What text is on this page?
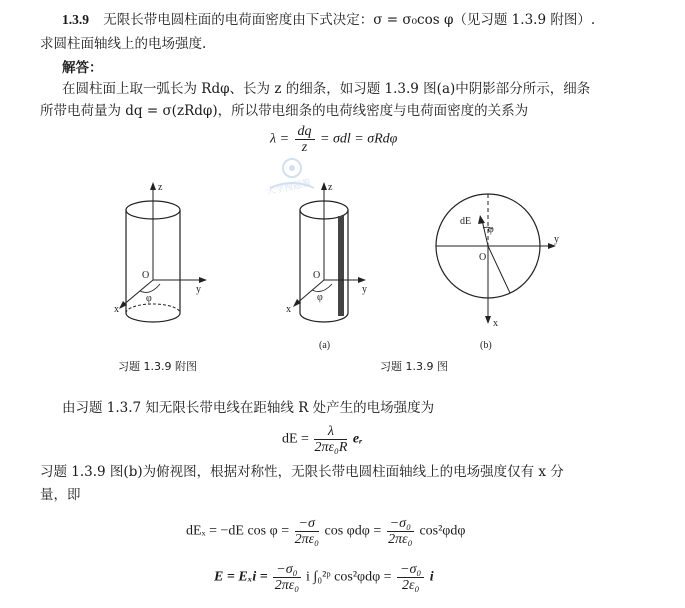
1.3.9 无限长带电圆柱面的电荷面密度由下式决定：σ = σ₀cos φ（见习题 1.3.9 附图）.
求圆柱面轴线上的电场强度.
解答：
在圆柱面上取一弧长为 Rdφ、长为 z 的细条，如习题 1.3.9 图(a)中阴影部分所示，细条
所带电荷量为 dq = σ(zRdφ)，所以带电细条的电荷线密度与电荷面密度的关系为
$\lambda = \frac{dq}{z} = \sigma dl = \sigma Rd\varphi$
大学搜题酱
z
y
x
O
φ
z
y
x
O
φ
(a)
dE
φ
O
y
x
(b)
习题 1.3.9 附图	习题 1.3.9 图
由习题 1.3.7 知无限长带电线在距轴线 R 处产生的电场强度为
dE = $\frac{\lambda}{\text{2πε₀R}}$ eᵣ
习题 1.3.9 图(b)为俯视图，根据对称性，无限长带电圆柱面轴线上的电场强度仅有 x 分
量，即
dEₓ = −dE $\cos \varphi = \frac{-\sigma}{\text{2πε₀}}$ $\cos \varphi d\varphi = \frac{\text{−σ₀}}{\text{2πε₀}} \cos^2\varphi d\varphi$
$E = E_xi = \frac{\text{−σ₀}}{\text{2πε₀}}$ i ∫₀²ᵖ $\cos^2\varphi d\varphi = \frac{\text{−σ₀}}{\text{2ε₀}}$ i
